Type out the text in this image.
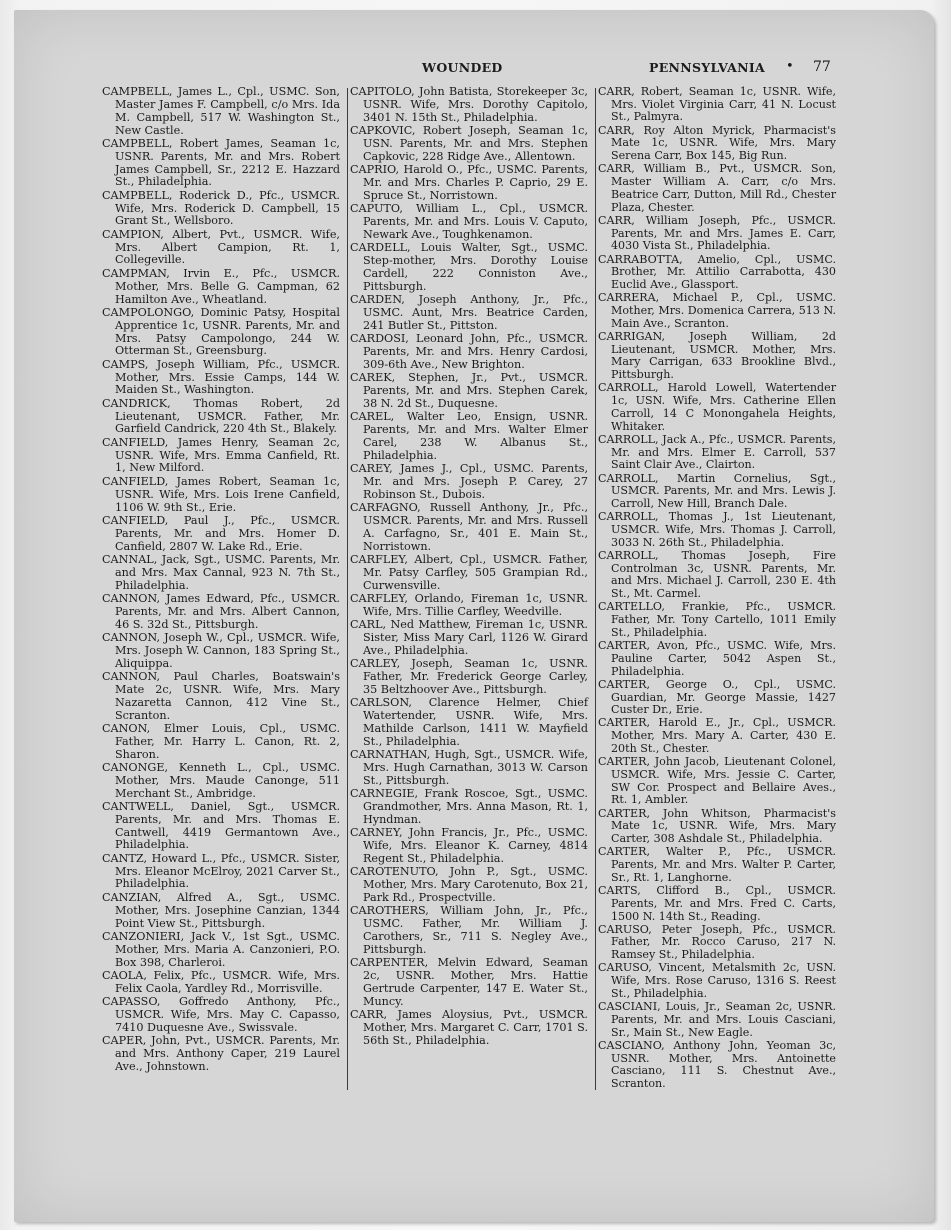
WOUNDED	PENNSYLVANIA • 77

CAMPBELL, James L., Cpl., USMC. Son, Master James F. Campbell, c/o Mrs. Ida M. Campbell, 517 W. Washington St., New Castle.

CAMPBELL, Robert James, Seaman 1c, USNR. Parents, Mr. and Mrs. Robert James Campbell, Sr., 2212 E. Hazzard St., Philadelphia.

CAMPBELL, Roderick D., Pfc., USMCR. Wife, Mrs. Roderick D. Campbell, 15 Grant St., Wellsboro.

CAMPION, Albert, Pvt., USMCR. Wife, Mrs. Albert Campion, Rt. 1, Collegeville.

CAMPMAN, Irvin E., Pfc., USMCR. Mother, Mrs. Belle G. Campman, 62 Hamilton Ave., Wheatland.

CAMPOLONGO, Dominic Patsy, Hospital Apprentice 1c, USNR. Parents, Mr. and Mrs. Patsy Campolongo, 244 W. Otterman St., Greensburg.

CAMPS, Joseph William, Pfc., USMCR. Mother, Mrs. Essie Camps, 144 W. Maiden St., Washington.

CANDRICK, Thomas Robert, 2d Lieutenant, USMCR. Father, Mr. Garfield Candrick, 220 4th St., Blakely.

CANFIELD, James Henry, Seaman 2c, USNR. Wife, Mrs. Emma Canfield, Rt. 1, New Milford.

CANFIELD, James Robert, Seaman 1c, USNR. Wife, Mrs. Lois Irene Canfield, 1106 W. 9th St., Erie.

CANFIELD, Paul J., Pfc., USMCR. Parents, Mr. and Mrs. Homer D. Canfield, 2807 W. Lake Rd., Erie.

CANNAL, Jack, Sgt., USMC. Parents, Mr. and Mrs. Max Cannal, 923 N. 7th St., Philadelphia.

CANNON, James Edward, Pfc., USMCR. Parents, Mr. and Mrs. Albert Cannon, 46 S. 32d St., Pittsburgh.

CANNON, Joseph W., Cpl., USMCR. Wife, Mrs. Joseph W. Cannon, 183 Spring St., Aliquippa.

CANNON, Paul Charles, Boatswain's Mate 2c, USNR. Wife, Mrs. Mary Nazaretta Cannon, 412 Vine St., Scranton.

CANON, Elmer Louis, Cpl., USMC. Father, Mr. Harry L. Canon, Rt. 2, Sharon.

CANONGE, Kenneth L., Cpl., USMC. Mother, Mrs. Maude Canonge, 511 Merchant St., Ambridge.

CANTWELL, Daniel, Sgt., USMCR. Parents, Mr. and Mrs. Thomas E. Cantwell, 4419 Germantown Ave., Philadelphia.

CANTZ, Howard L., Pfc., USMCR. Sister, Mrs. Eleanor McElroy, 2021 Carver St., Philadelphia.

CANZIAN, Alfred A., Sgt., USMC. Mother, Mrs. Josephine Canzian, 1344 Point View St., Pittsburgh.

CANZONIERI, Jack V., 1st Sgt., USMC. Mother, Mrs. Maria A. Canzonieri, P.O. Box 398, Charleroi.

CAOLA, Felix, Pfc., USMCR. Wife, Mrs. Felix Caola, Yardley Rd., Morrisville.

CAPASSO, Goffredo Anthony, Pfc., USMCR. Wife, Mrs. May C. Capasso, 7410 Duquesne Ave., Swissvale.

CAPER, John, Pvt., USMCR. Parents, Mr. and Mrs. Anthony Caper, 219 Laurel Ave., Johnstown.

CAPITOLO, John Batista, Storekeeper 3c, USNR. Wife, Mrs. Dorothy Capitolo, 3401 N. 15th St., Philadelphia.

CAPKOVIC, Robert Joseph, Seaman 1c, USN. Parents, Mr. and Mrs. Stephen Capkovic, 228 Ridge Ave., Allentown.

CAPRIO, Harold O., Pfc., USMC. Parents, Mr. and Mrs. Charles P. Caprio, 29 E. Spruce St., Norristown.

CAPUTO, William L., Cpl., USMCR. Parents, Mr. and Mrs. Louis V. Caputo, Newark Ave., Toughkenamon.

CARDELL, Louis Walter, Sgt., USMC. Step-mother, Mrs. Dorothy Louise Cardell, 222 Conniston Ave., Pittsburgh.

CARDEN, Joseph Anthony, Jr., Pfc., USMC. Aunt, Mrs. Beatrice Carden, 241 Butler St., Pittston.

CARDOSI, Leonard John, Pfc., USMCR. Parents, Mr. and Mrs. Henry Cardosi, 309-6th Ave., New Brighton.

CAREK, Stephen, Jr., Pvt., USMCR. Parents, Mr. and Mrs. Stephen Carek, 38 N. 2d St., Duquesne.

CAREL, Walter Leo, Ensign, USNR. Parents, Mr. and Mrs. Walter Elmer Carel, 238 W. Albanus St., Philadelphia.

CAREY, James J., Cpl., USMC. Parents, Mr. and Mrs. Joseph P. Carey, 27 Robinson St., Dubois.

CARFAGNO, Russell Anthony, Jr., Pfc., USMCR. Parents, Mr. and Mrs. Russell A. Carfagno, Sr., 401 E. Main St., Norristown.

CARFLEY, Albert, Cpl., USMCR. Father, Mr. Patsy Carfley, 505 Grampian Rd., Curwensville.

CARFLEY, Orlando, Fireman 1c, USNR. Wife, Mrs. Tillie Carfley, Weedville.

CARL, Ned Matthew, Fireman 1c, USNR. Sister, Miss Mary Carl, 1126 W. Girard Ave., Philadelphia.

CARLEY, Joseph, Seaman 1c, USNR. Father, Mr. Frederick George Carley, 35 Beltzhoover Ave., Pittsburgh.

CARLSON, Clarence Helmer, Chief Watertender, USNR. Wife, Mrs. Mathilde Carlson, 1411 W. Mayfield St., Philadelphia.

CARNATHAN, Hugh, Sgt., USMCR. Wife, Mrs. Hugh Carnathan, 3013 W. Carson St., Pittsburgh.

CARNEGIE, Frank Roscoe, Sgt., USMC. Grandmother, Mrs. Anna Mason, Rt. 1, Hyndman.

CARNEY, John Francis, Jr., Pfc., USMC. Wife, Mrs. Eleanor K. Carney, 4814 Regent St., Philadelphia.

CAROTENUTO, John P., Sgt., USMC. Mother, Mrs. Mary Carotenuto, Box 21, Park Rd., Prospectville.

CAROTHERS, William John, Jr., Pfc., USMC. Father, Mr. William J. Carothers, Sr., 711 S. Negley Ave., Pittsburgh.

CARPENTER, Melvin Edward, Seaman 2c, USNR. Mother, Mrs. Hattie Gertrude Carpenter, 147 E. Water St., Muncy.

CARR, James Aloysius, Pvt., USMCR. Mother, Mrs. Margaret C. Carr, 1701 S. 56th St., Philadelphia.

CARR, Robert, Seaman 1c, USNR. Wife, Mrs. Violet Virginia Carr, 41 N. Locust St., Palmyra.

CARR, Roy Alton Myrick, Pharmacist's Mate 1c, USNR. Wife, Mrs. Mary Serena Carr, Box 145, Big Run.

CARR, William B., Pvt., USMCR. Son, Master William A. Carr, c/o Mrs. Beatrice Carr, Dutton, Mill Rd., Chester Plaza, Chester.

CARR, William Joseph, Pfc., USMCR. Parents, Mr. and Mrs. James E. Carr, 4030 Vista St., Philadelphia.

CARRABOTTA, Amelio, Cpl., USMC. Brother, Mr. Attilio Carrabotta, 430 Euclid Ave., Glassport.

CARRERA, Michael P., Cpl., USMC. Mother, Mrs. Domenica Carrera, 513 N. Main Ave., Scranton.

CARRIGAN, Joseph William, 2d Lieutenant, USMCR. Mother, Mrs. Mary Carrigan, 633 Brookline Blvd., Pittsburgh.

CARROLL, Harold Lowell, Watertender 1c, USN. Wife, Mrs. Catherine Ellen Carroll, 14 C Monongahela Heights, Whitaker.

CARROLL, Jack A., Pfc., USMCR. Parents, Mr. and Mrs. Elmer E. Carroll, 537 Saint Clair Ave., Clairton.

CARROLL, Martin Cornelius, Sgt., USMCR. Parents, Mr. and Mrs. Lewis J. Carroll, New Hill, Branch Dale.

CARROLL, Thomas J., 1st Lieutenant, USMCR. Wife, Mrs. Thomas J. Carroll, 3033 N. 26th St., Philadelphia.

CARROLL, Thomas Joseph, Fire Controlman 3c, USNR. Parents, Mr. and Mrs. Michael J. Carroll, 230 E. 4th St., Mt. Carmel.

CARTELLO, Frankie, Pfc., USMCR. Father, Mr. Tony Cartello, 1011 Emily St., Philadelphia.

CARTER, Avon, Pfc., USMC. Wife, Mrs. Pauline Carter, 5042 Aspen St., Philadelphia.

CARTER, George O., Cpl., USMC. Guardian, Mr. George Massie, 1427 Custer Dr., Erie.

CARTER, Harold E., Jr., Cpl., USMCR. Mother, Mrs. Mary A. Carter, 430 E. 20th St., Chester.

CARTER, John Jacob, Lieutenant Colonel, USMCR. Wife, Mrs. Jessie C. Carter, SW Cor. Prospect and Bellaire Aves., Rt. 1, Ambler.

CARTER, John Whitson, Pharmacist's Mate 1c, USNR. Wife, Mrs. Mary Carter, 308 Ashdale St., Philadelphia.

CARTER, Walter P., Pfc., USMCR. Parents, Mr. and Mrs. Walter P. Carter, Sr., Rt. 1, Langhorne.

CARTS, Clifford B., Cpl., USMCR. Parents, Mr. and Mrs. Fred C. Carts, 1500 N. 14th St., Reading.

CARUSO, Peter Joseph, Pfc., USMCR. Father, Mr. Rocco Caruso, 217 N. Ramsey St., Philadelphia.

CARUSO, Vincent, Metalsmith 2c, USN. Wife, Mrs. Rose Caruso, 1316 S. Reest St., Philadelphia.

CASCIANI, Louis, Jr., Seaman 2c, USNR. Parents, Mr. and Mrs. Louis Casciani, Sr., Main St., New Eagle.

CASCIANO, Anthony John, Yeoman 3c, USNR. Mother, Mrs. Antoinette Casciano, 111 S. Chestnut Ave., Scranton.
